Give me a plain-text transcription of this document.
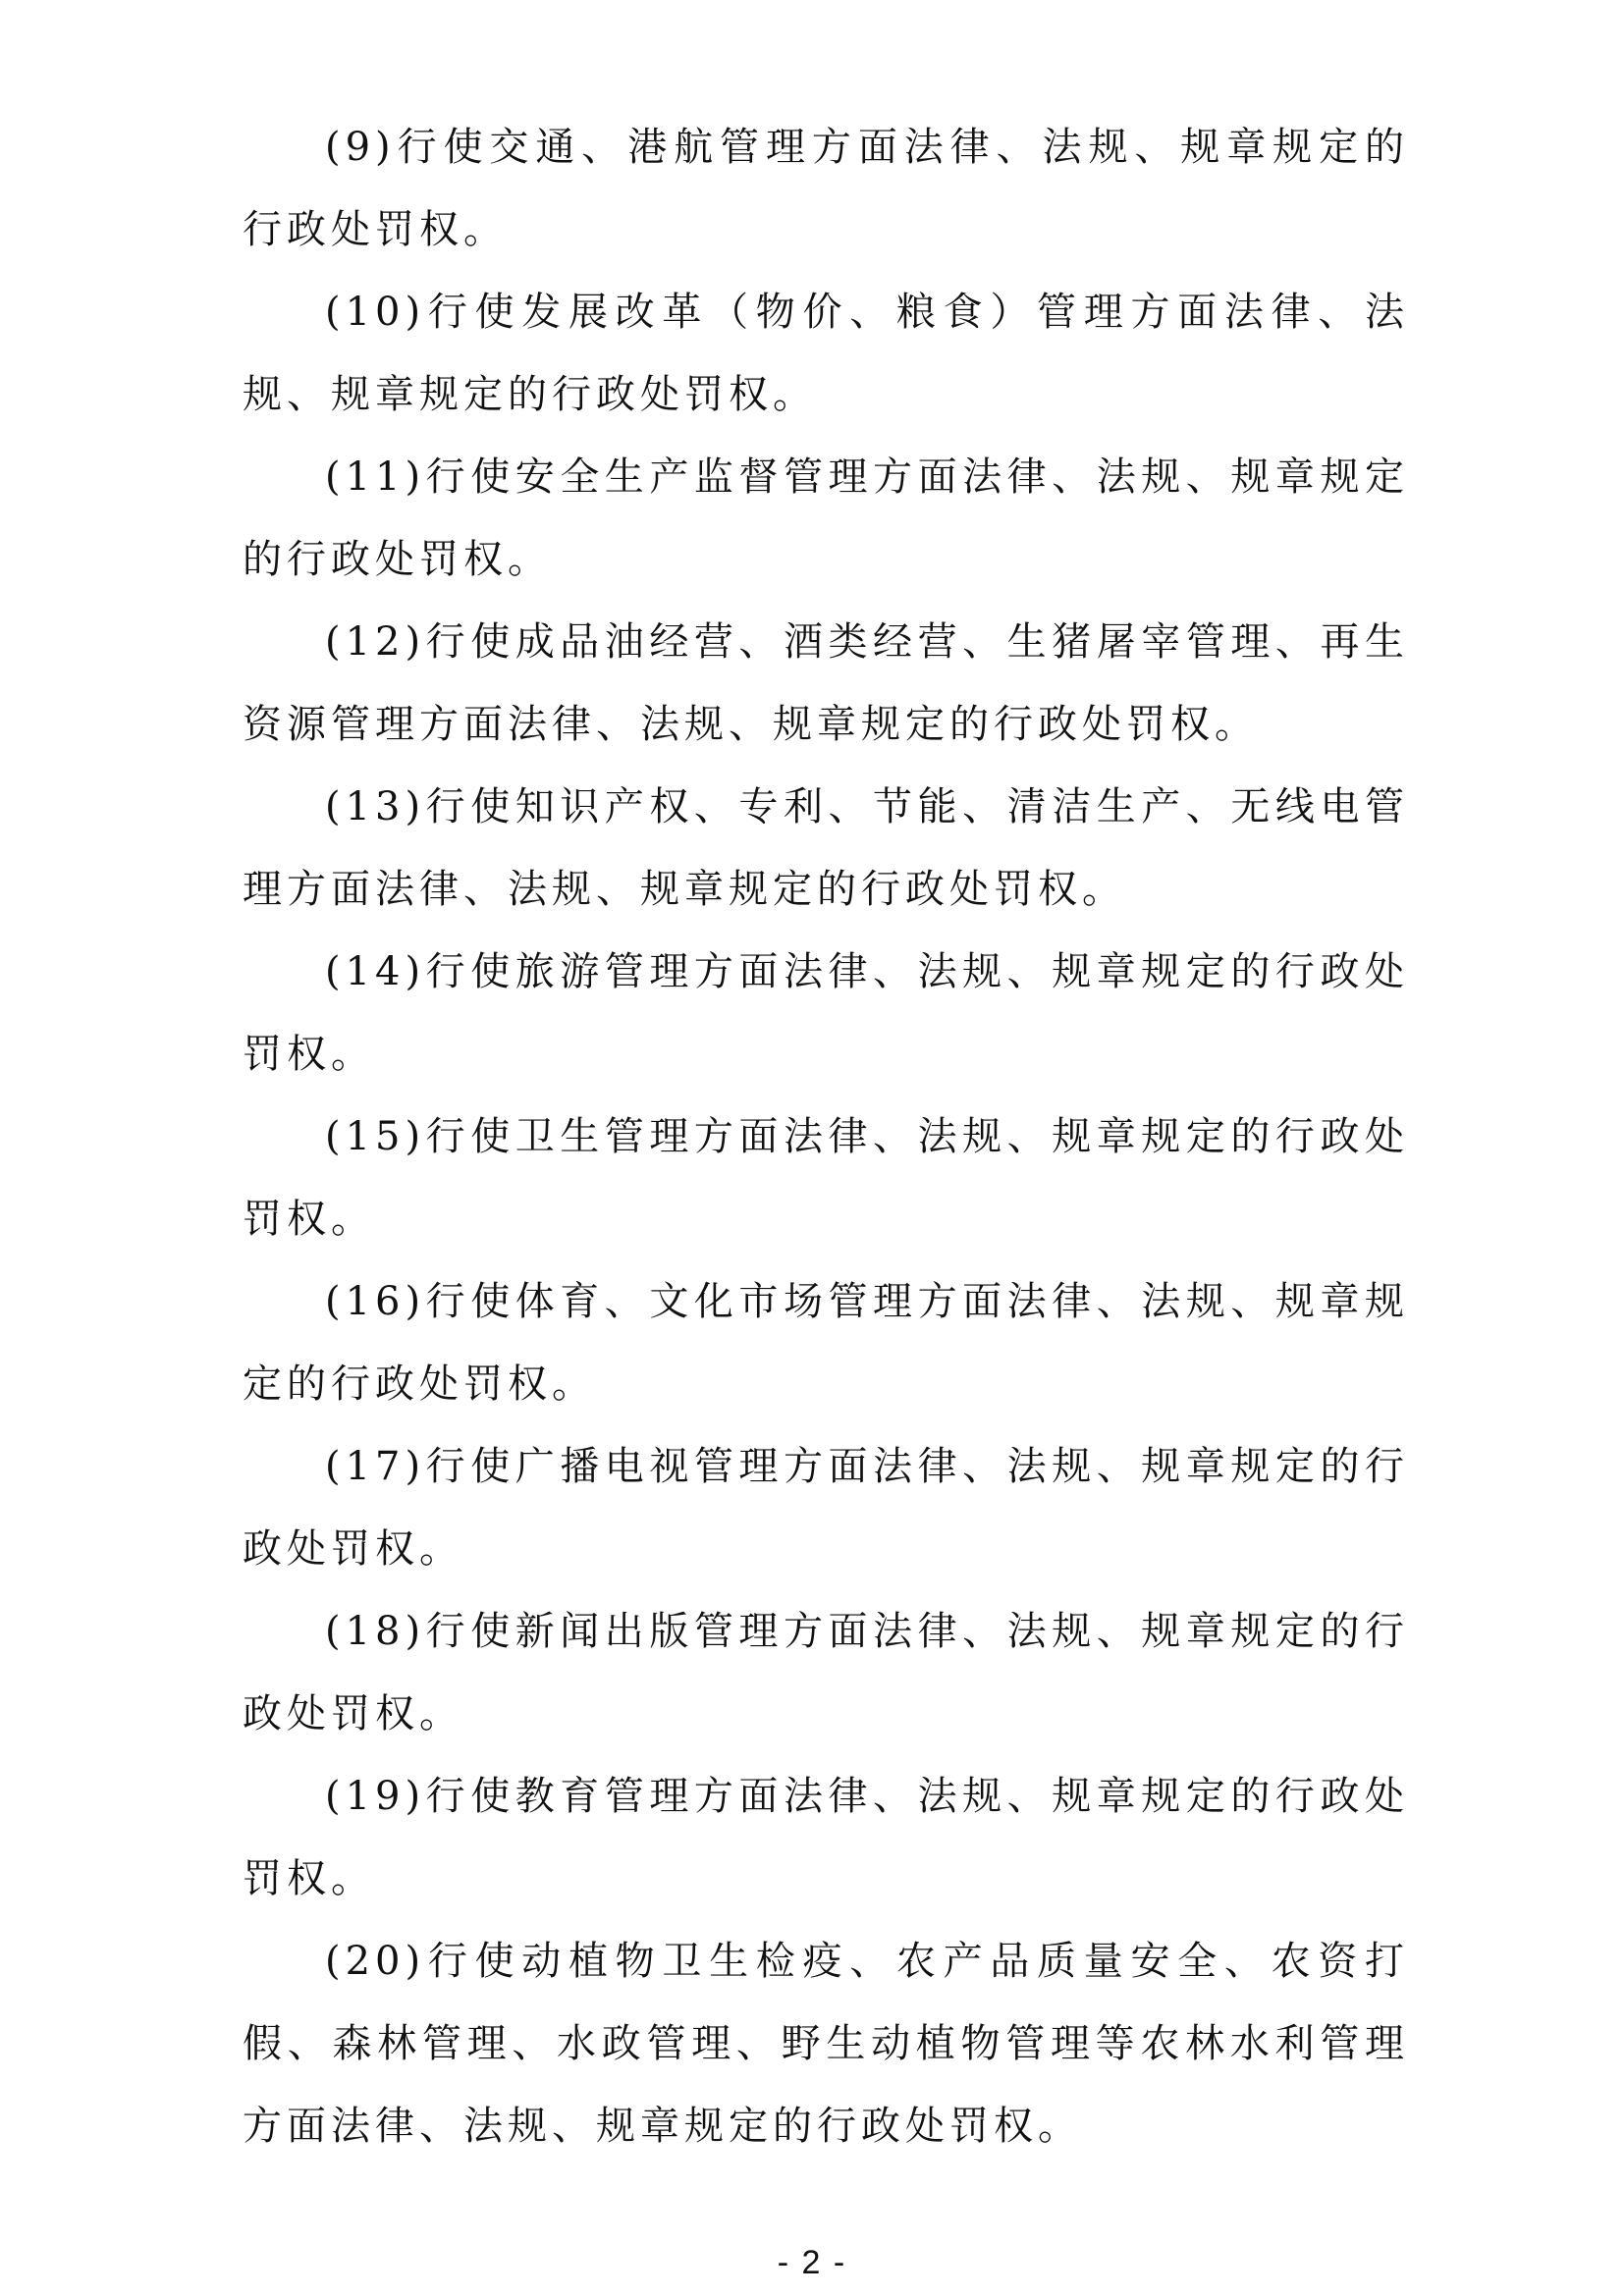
(9)行使交通、港航管理方面法律、法规、规章规定的行政处罚权。

(10)行使发展改革（物价、粮食）管理方面法律、法规、规章规定的行政处罚权。

(11)行使安全生产监督管理方面法律、法规、规章规定的行政处罚权。

(12)行使成品油经营、酒类经营、生猪屠宰管理、再生资源管理方面法律、法规、规章规定的行政处罚权。

(13)行使知识产权、专利、节能、清洁生产、无线电管理方面法律、法规、规章规定的行政处罚权。

(14)行使旅游管理方面法律、法规、规章规定的行政处罚权。

(15)行使卫生管理方面法律、法规、规章规定的行政处罚权。

(16)行使体育、文化市场管理方面法律、法规、规章规定的行政处罚权。

(17)行使广播电视管理方面法律、法规、规章规定的行政处罚权。

(18)行使新闻出版管理方面法律、法规、规章规定的行政处罚权。

(19)行使教育管理方面法律、法规、规章规定的行政处罚权。

(20)行使动植物卫生检疫、农产品质量安全、农资打假、森林管理、水政管理、野生动植物管理等农林水利管理方面法律、法规、规章规定的行政处罚权。

- 2 -
